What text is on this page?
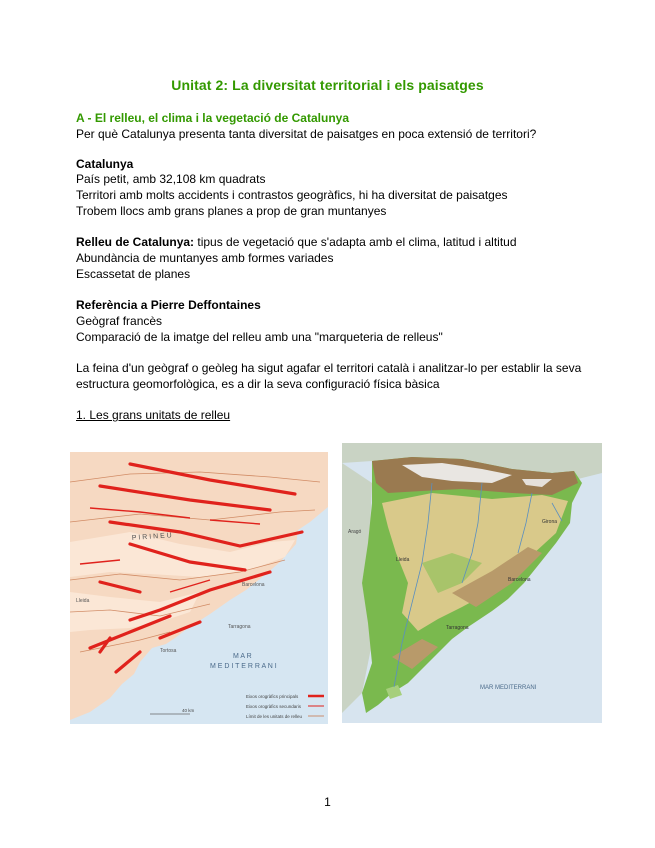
Unitat 2: La diversitat territorial i els paisatges
A - El relleu, el clima i la vegetació de Catalunya
Per què Catalunya presenta tanta diversitat de paisatges en poca extensió de territori?
Catalunya
País petit, amb 32,108 km quadrats
Territori amb molts accidents i contrastos geogràfics, hi ha diversitat de paisatges
Trobem llocs amb grans planes a prop de gran muntanyes
Relleu de Catalunya: tipus de vegetació que s'adapta amb el clima, latitud i altitud
Abundància de muntanyes amb formes variades
Escassetat de planes
Referència a Pierre Deffontaines
Geògraf francès
Comparació de la imatge del relleu amb una "marqueteria de relleus"
La feina d'un geògraf o geòleg ha sigut agafar el territori català i analitzar-lo per establir la seva
estructura geomorfològica, es a dir la seva configuració física bàsica
1. Les grans unitats de relleu
P I R I N E U
Lleida
Barcelona
Tarragona
Tortosa
M A R
M E D I T E R R A N I
Eixos orogràfics principals
Eixos orogràfics secundaris
Límit de les unitats de relleu
40 km
Aragó
Lleida
Girona
Barcelona
Tarragona
MAR MEDITERRANI
1
